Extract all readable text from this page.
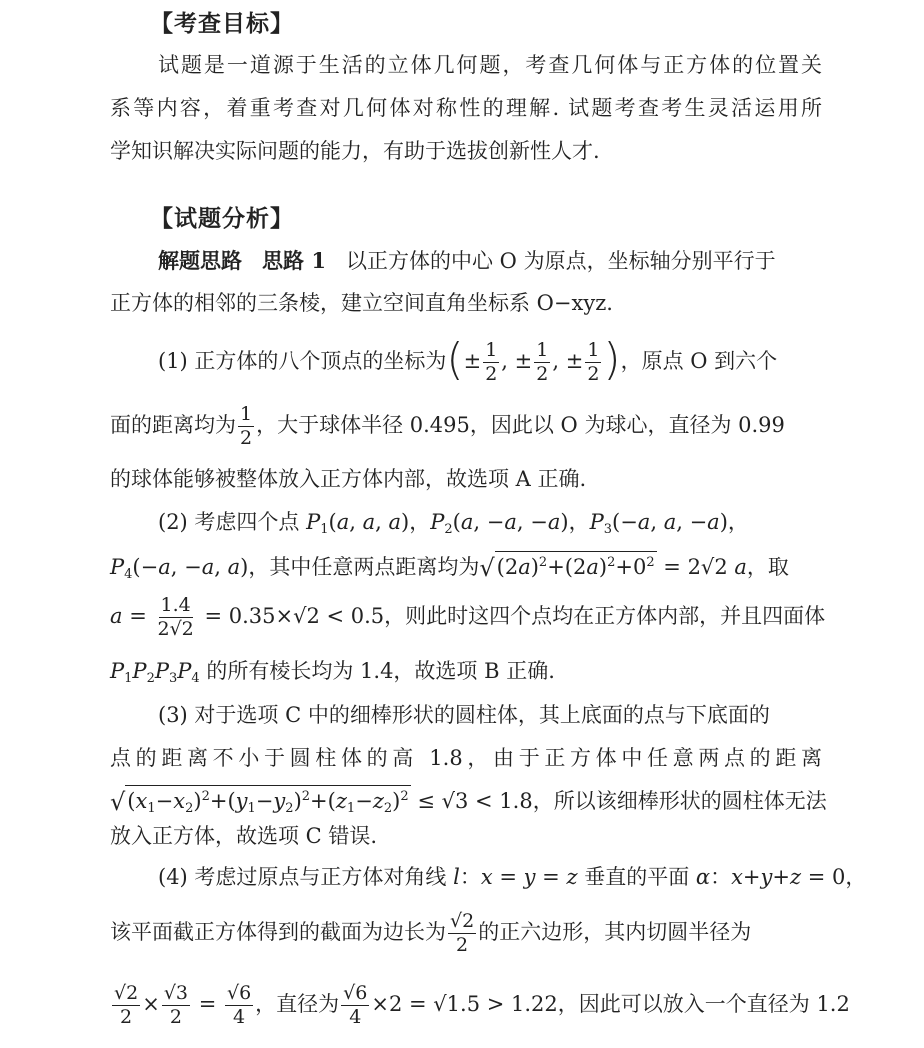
【考查目标】
试题是一道源于生活的立体几何题，考查几何体与正方体的位置关
系等内容，着重考查对几何体对称性的理解. 试题考查考生灵活运用所
学知识解决实际问题的能力，有助于选拔创新性人才.
【试题分析】
解题思路 思路 1 以正方体的中心 O 为原点，坐标轴分别平行于
正方体的相邻的三条棱，建立空间直角坐标系 O−xyz.
(1) 正方体的八个顶点的坐标为(± $\frac{1}{2}$ , ± $\frac{1}{2}$ , ± $\frac{1}{2}$ )，原点 O 到六个
面的距离均为 $\frac{1}{2}$ ，大于球体半径 0.495，因此以 O 为球心，直径为 0.99
的球体能够被整体放入正方体内部，故选项 A 正确.
(2) 考虑四个点 $P_1(a$, a, a)，$P_2(a$, −a, −a)，$P_3(-a$, a, −a)，
$P_4(-a$, −a, a)，其中任意两点距离均为$√(2a)^2+(2a)^2+0^2 = 2√2$ a，取
$a = \frac{1.4}{2√2} = 0.35\times√2 < 0.5$，则此时这四个点均在正方体内部，并且四面体
$P_1P_2P_3P_4$ 的所有棱长均为 1.4，故选项 B 正确.
(3) 对于选项 C 中的细棒形状的圆柱体，其上底面的点与下底面的
点的距离不小于圆柱体的高 1.8，由于正方体中任意两点的距离
$√(x_1-x_2)^2+(y_1-y_2)^2+(z_1-z_2)^2 \le √3 < 1.8$，所以该细棒形状的圆柱体无法
放入正方体，故选项 C 错误.
(4) 考虑过原点与正方体对角线 l：x = y = z 垂直的平面 α：x+y+z = 0，
该平面截正方体得到的截面为边长为 $\frac{√2}{2}$ 的正六边形，其内切圆半径为
$\frac{√2}{2} \times \frac{√3}{2} = \frac{√6}{4}$ ，直径为 $\frac{√6}{4} \times 2 = √1.5 > 1.22$，因此可以放入一个直径为 1.2
